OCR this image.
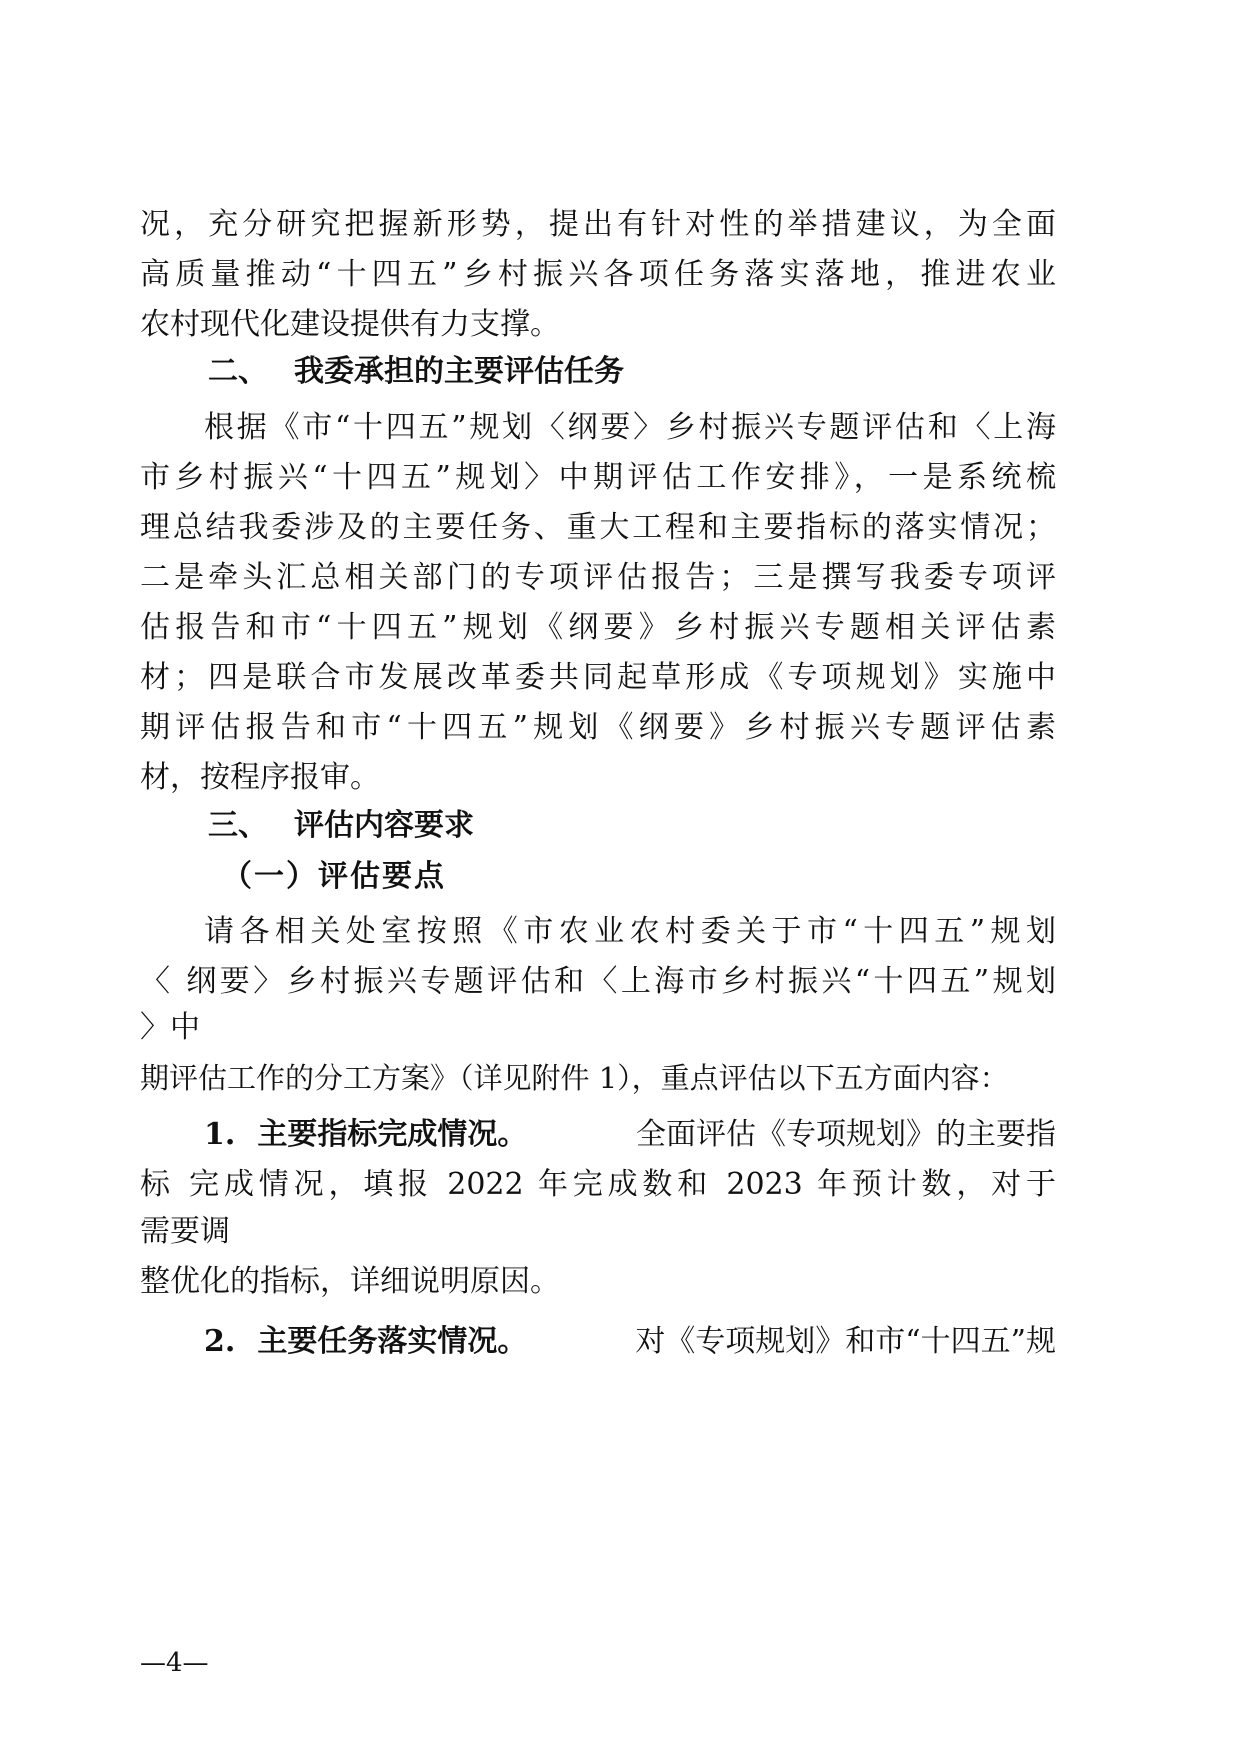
况，充分研究把握新形势，提出有针对性的举措建议，为全面
高质量推动“十四五”乡村振兴各项任务落实落地，推进农业
农村现代化建设提供有力支撑。
二、 我委承担的主要评估任务
根据《市“十四五”规划〈纲要〉乡村振兴专题评估和〈上海
市乡村振兴“十四五”规划〉中期评估工作安排》，一是系统梳
理总结我委涉及的主要任务、重大工程和主要指标的落实情况；
二是牵头汇总相关部门的专项评估报告；三是撰写我委专项评
估报告和市“十四五”规划《纲要》乡村振兴专题相关评估素
材；四是联合市发展改革委共同起草形成《专项规划》实施中
期评估报告和市“十四五”规划《纲要》乡村振兴专题评估素
材，按程序报审。
三、 评估内容要求
（一）评估要点
请各相关处室按照《市农业农村委关于市“十四五”规划
〈 纲要〉乡村振兴专题评估和〈上海市乡村振兴“十四五”规划
〉中
期评估工作的分工方案》（详见附件 1），重点评估以下五方面内容：
1. 主要指标完成情况。	全面评估《专项规划》的主要指
标 完成情况，填报 2022 年完成数和 2023 年预计数，对于
需要调
整优化的指标，详细说明原因。
2. 主要任务落实情况。	对《专项规划》和市“十四五”规
—4—
